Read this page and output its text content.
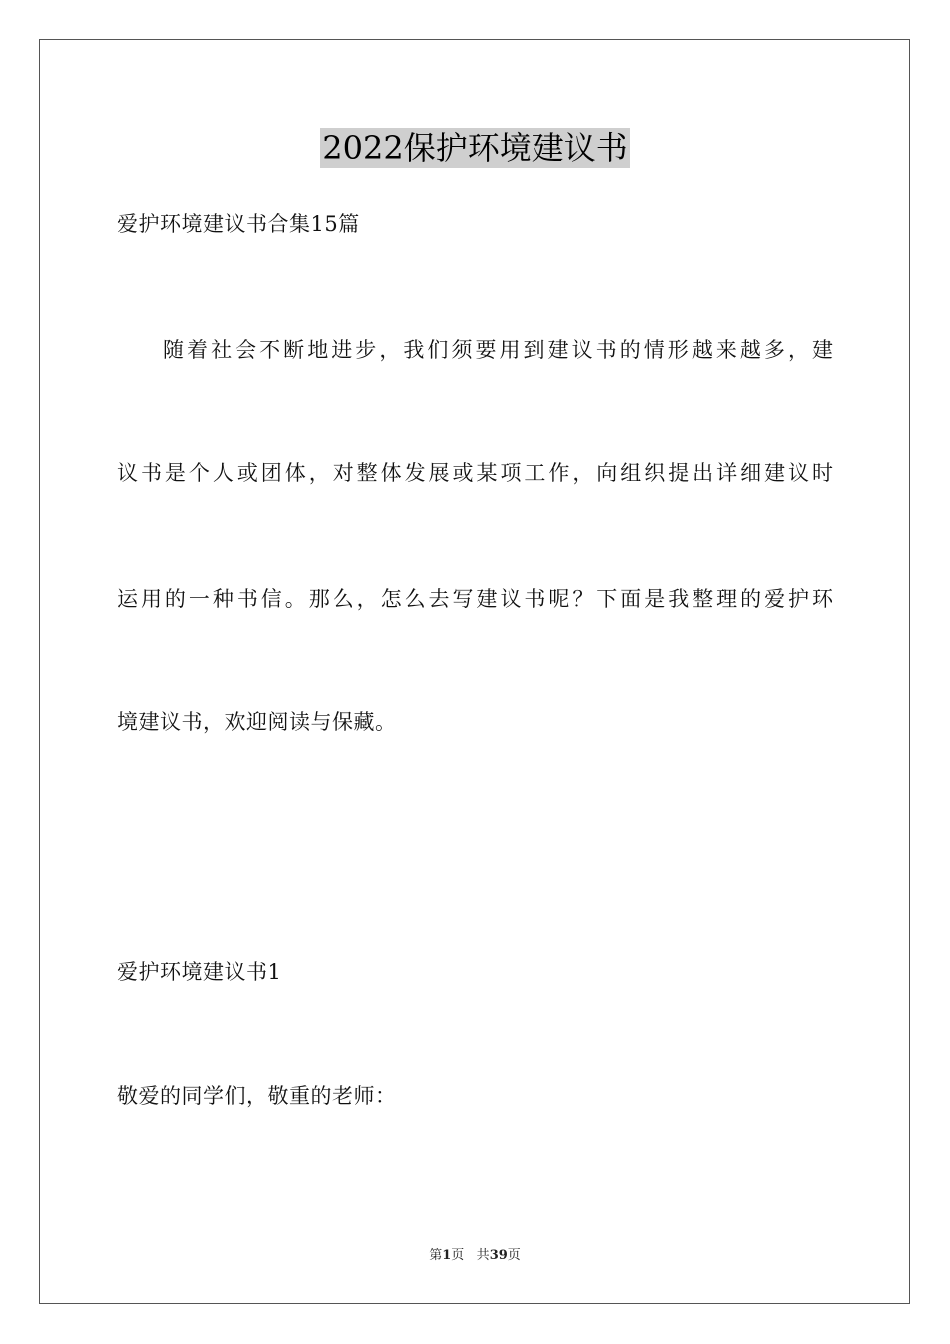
2022保护环境建议书
爱护环境建议书合集15篇
随着社会不断地进步，我们须要用到建议书的情形越来越多，建
议书是个人或团体，对整体发展或某项工作，向组织提出详细建议时
运用的一种书信。那么，怎么去写建议书呢？下面是我整理的爱护环
境建议书，欢迎阅读与保藏。
爱护环境建议书1
敬爱的同学们，敬重的老师：
第1页 共39页
